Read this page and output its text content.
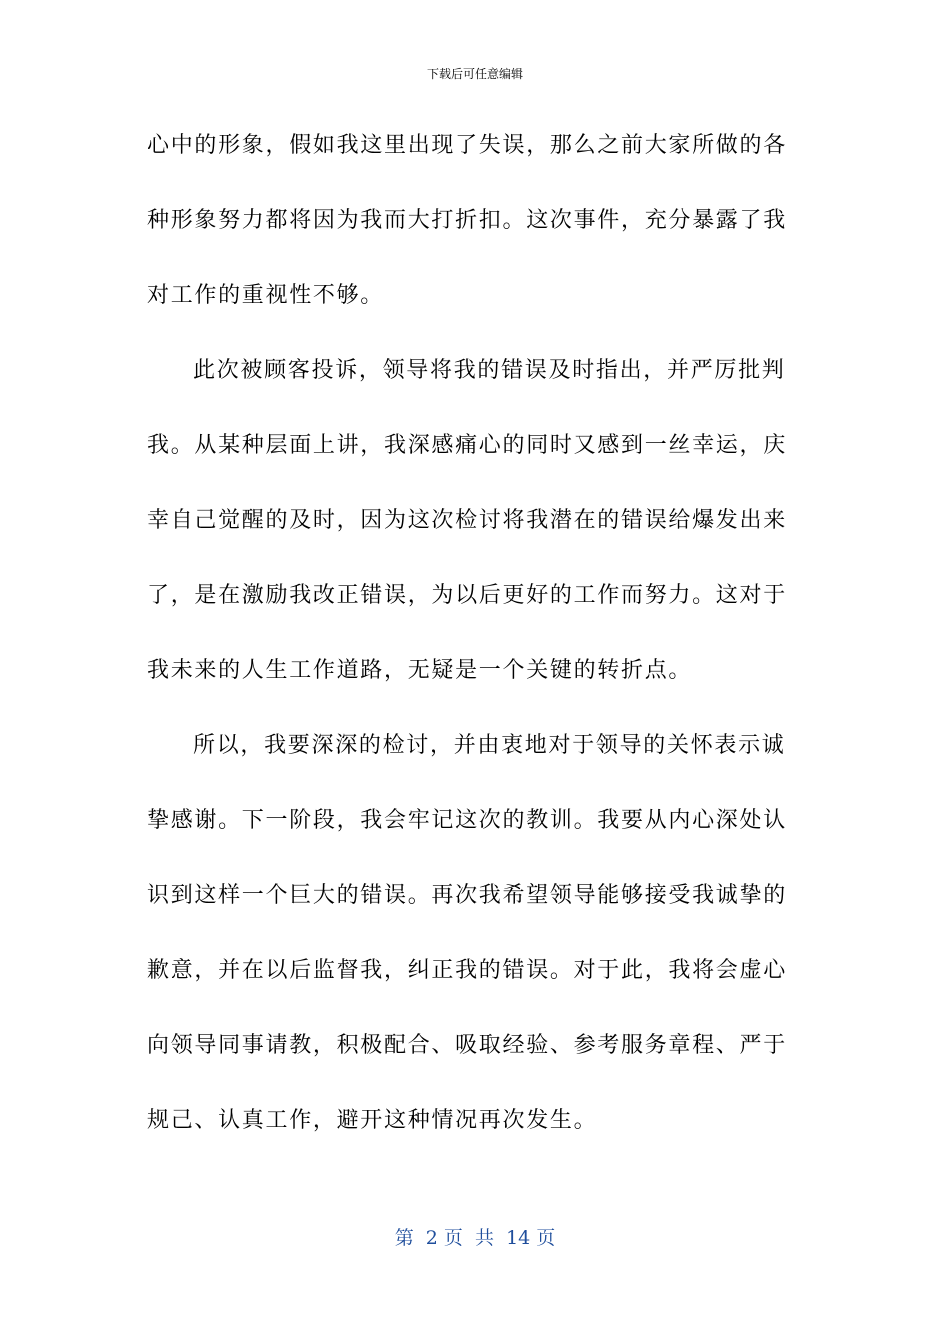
下载后可任意编辑
心中的形象，假如我这里出现了失误，那么之前大家所做的各
种形象努力都将因为我而大打折扣。这次事件，充分暴露了我
对工作的重视性不够。
此次被顾客投诉，领导将我的错误及时指出，并严厉批判
我。从某种层面上讲，我深感痛心的同时又感到一丝幸运，庆
幸自己觉醒的及时，因为这次检讨将我潜在的错误给爆发出来
了，是在激励我改正错误，为以后更好的工作而努力。这对于
我未来的人生工作道路，无疑是一个关键的转折点。
所以，我要深深的检讨，并由衷地对于领导的关怀表示诚
挚感谢。下一阶段，我会牢记这次的教训。我要从内心深处认
识到这样一个巨大的错误。再次我希望领导能够接受我诚挚的
歉意，并在以后监督我，纠正我的错误。对于此，我将会虚心
向领导同事请教，积极配合、吸取经验、参考服务章程、严于
规己、认真工作，避开这种情况再次发生。
第  2 页  共  14 页
